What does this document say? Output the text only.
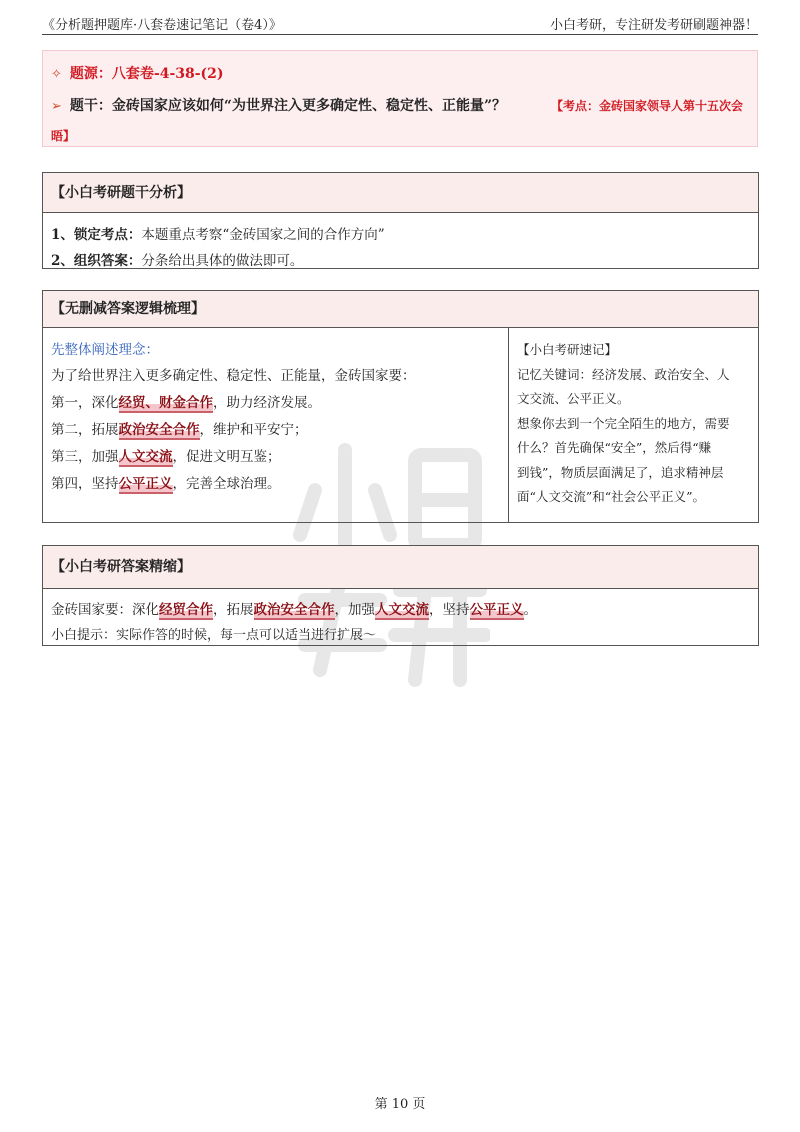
《分析题押题库·八套卷速记笔记（卷4）》	小白考研，专注研发考研刷题神器！
✧ 题源：八套卷-4-38-(2)
➢ 题干：金砖国家应该如何“为世界注入更多确定性、稳定性、正能量”？	【考点：金砖国家领导人第十五次会
晤】
【小白考研题干分析】
1、锁定考点：本题重点考察“金砖国家之间的合作方向”
2、组织答案：分条给出具体的做法即可。
【无删减答案逻辑梳理】
先整体阐述理念：
为了给世界注入更多确定性、稳定性、正能量，金砖国家要：
第一，深化经贸、财金合作，助力经济发展。
第二，拓展政治安全合作，维护和平安宁；
第三，加强人文交流，促进文明互鉴；
第四，坚持公平正义，完善全球治理。
【小白考研速记】
记忆关键词：经济发展、政治安全、人
文交流、公平正义。
想象你去到一个完全陌生的地方，需要
什么？首先确保“安全”，然后得“赚
到钱”，物质层面满足了，追求精神层
面“人文交流”和“社会公平正义”。
【小白考研答案精缩】
金砖国家要：深化经贸合作，拓展政治安全合作，加强人文交流，坚持公平正义。
小白提示：实际作答的时候，每一点可以适当进行扩展～
第 10 页
